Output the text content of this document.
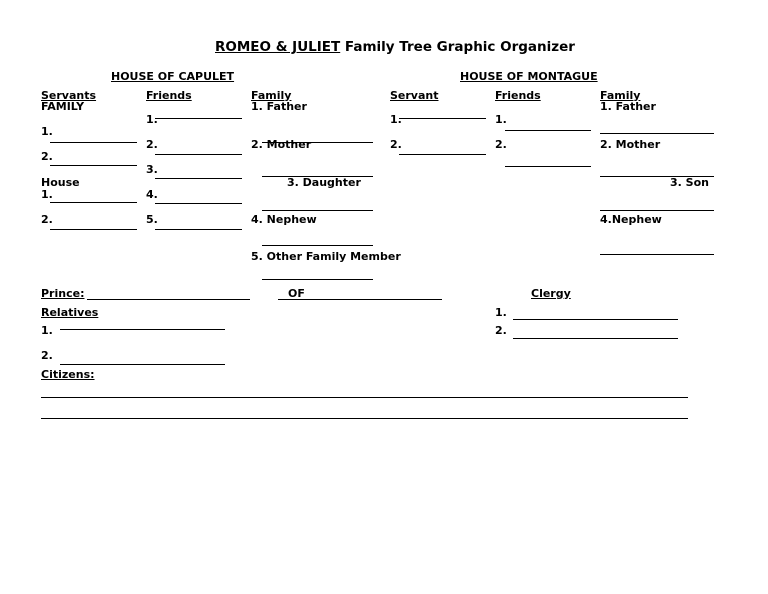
ROMEO & JULIET Family Tree Graphic Organizer
HOUSE OF CAPULET
Servants
FAMILY
1.
2.
House
1.
2.
Friends
1.
2.
3.
4.
5.
Family
1. Father
2. Mother
3. Daughter
4. Nephew
5. Other Family Member
HOUSE OF MONTAGUE
Servant
1.
2.
Friends
1.
2.
Family
1. Father
2. Mother
3. Son
4.Nephew
Prince:	OF
Relatives
1.
2.
Clergy
1.
2.
Citizens:
